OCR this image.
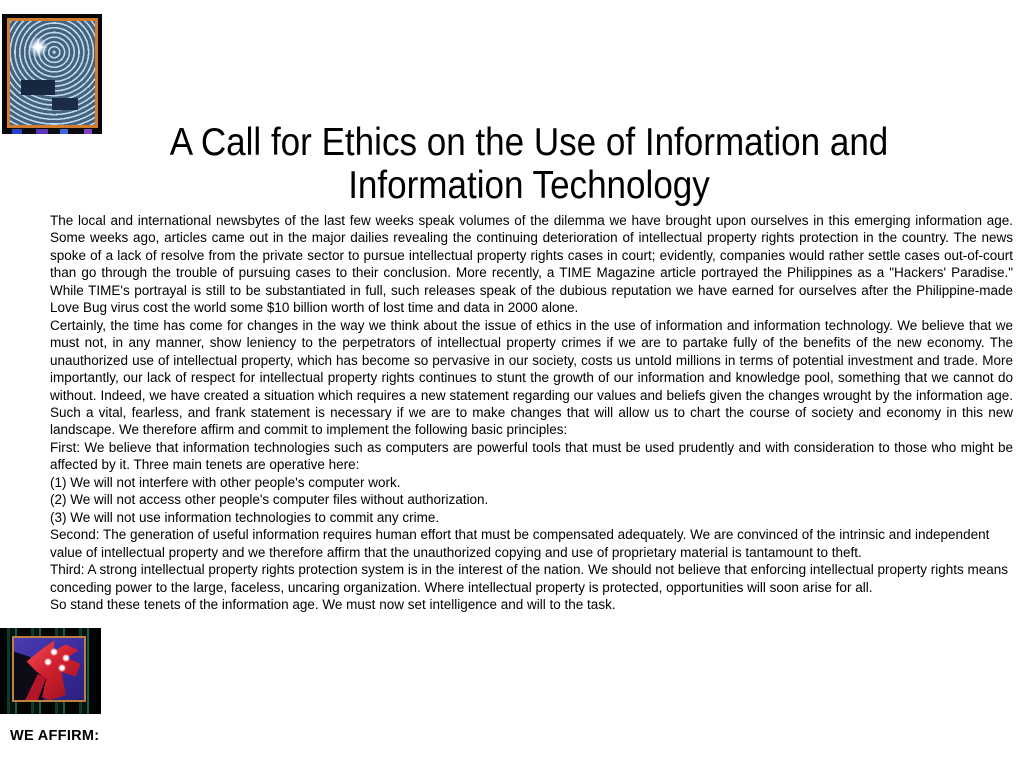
A Call for Ethics on the Use of Information and
Information Technology

The local and international newsbytes of the last few weeks speak volumes of the dilemma we have brought upon ourselves in this emerging information age. Some weeks ago, articles came out in the major dailies revealing the continuing deterioration of intellectual property rights protection in the country. The news spoke of a lack of resolve from the private sector to pursue intellectual property rights cases in court; evidently, companies would rather settle cases out-of-court than go through the trouble of pursuing cases to their conclusion. More recently, a TIME Magazine article portrayed the Philippines as a "Hackers' Paradise." While TIME's portrayal is still to be substantiated in full, such releases speak of the dubious reputation we have earned for ourselves after the Philippine-made Love Bug virus cost the world some $10 billion worth of lost time and data in 2000 alone.

Certainly, the time has come for changes in the way we think about the issue of ethics in the use of information and information technology. We believe that we must not, in any manner, show leniency to the perpetrators of intellectual property crimes if we are to partake fully of the benefits of the new economy. The unauthorized use of intellectual property, which has become so pervasive in our society, costs us untold millions in terms of potential investment and trade. More importantly, our lack of respect for intellectual property rights continues to stunt the growth of our information and knowledge pool, something that we cannot do without. Indeed, we have created a situation which requires a new statement regarding our values and beliefs given the changes wrought by the information age. Such a vital, fearless, and frank statement is necessary if we are to make changes that will allow us to chart the course of society and economy in this new landscape. We therefore affirm and commit to implement the following basic principles:

First: We believe that information technologies such as computers are powerful tools that must be used prudently and with consideration to those who might be affected by it. Three main tenets are operative here:

(1) We will not interfere with other people's computer work.

(2) We will not access other people's computer files without authorization.

(3) We will not use information technologies to commit any crime.

Second: The generation of useful information requires human effort that must be compensated adequately. We are convinced of the intrinsic and independent value of intellectual property and we therefore affirm that the unauthorized copying and use of proprietary material is tantamount to theft.

Third: A strong intellectual property rights protection system is in the interest of the nation. We should not believe that enforcing intellectual property rights means conceding power to the large, faceless, uncaring organization. Where intellectual property is protected, opportunities will soon arise for all.

So stand these tenets of the information age. We must now set intelligence and will to the task.

WE AFFIRM:
